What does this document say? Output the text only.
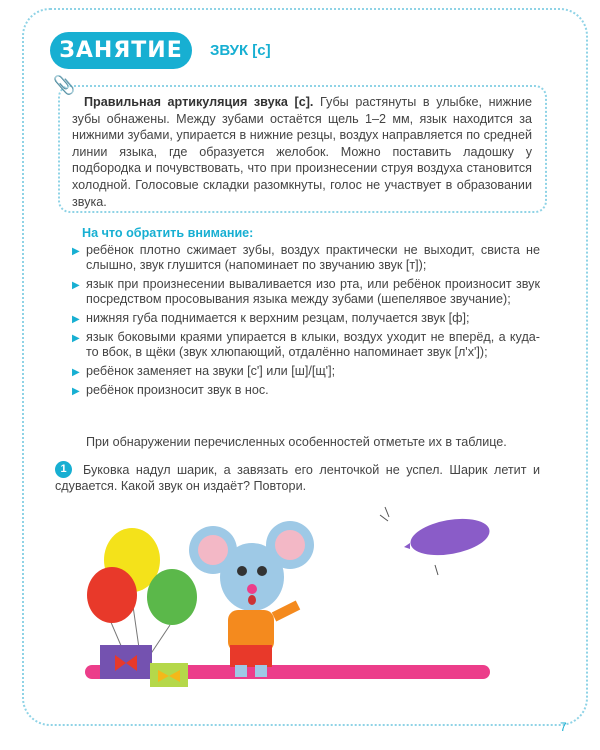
ЗАНЯТИЕ 2
ЗВУК [с]
📎
Правильная артикуляция звука [с]. Губы растянуты в улыбке, нижние зубы обнажены. Между зубами остаётся щель 1–2 мм, язык находится за нижними зубами, упирается в нижние резцы, воздух направляется по средней линии языка, где образуется желобок. Можно поставить ладошку у подбородка и почувствовать, что при произнесении струя воздуха становится холодной. Голосовые складки разомкнуты, голос не участвует в образовании звука.
На что обратить внимание:
▶ ребёнок плотно сжимает зубы, воздух практически не выходит, свиста не слышно, звук глушится (напоминает по звучанию звук [т]);
▶ язык при произнесении вываливается изо рта, или ребёнок произносит звук посредством просовывания языка между зубами (шепелявое звучание);
▶ нижняя губа поднимается к верхним резцам, получается звук [ф];
▶ язык боковыми краями упирается в клыки, воздух уходит не вперёд, а куда-то вбок, в щёки (звук хлюпающий, отдалённо напоминает звук [л'х']);
▶ ребёнок заменяет на звуки [с'] или [ш]/[щ'];
▶ ребёнок произносит звук в нос.
При обнаружении перечисленных особенностей отметьте их в таблице.
1	Буковка надул шарик, а завязать его ленточкой не успел. Шарик летит и сдувается. Какой звук он издаёт? Повтори.
7
